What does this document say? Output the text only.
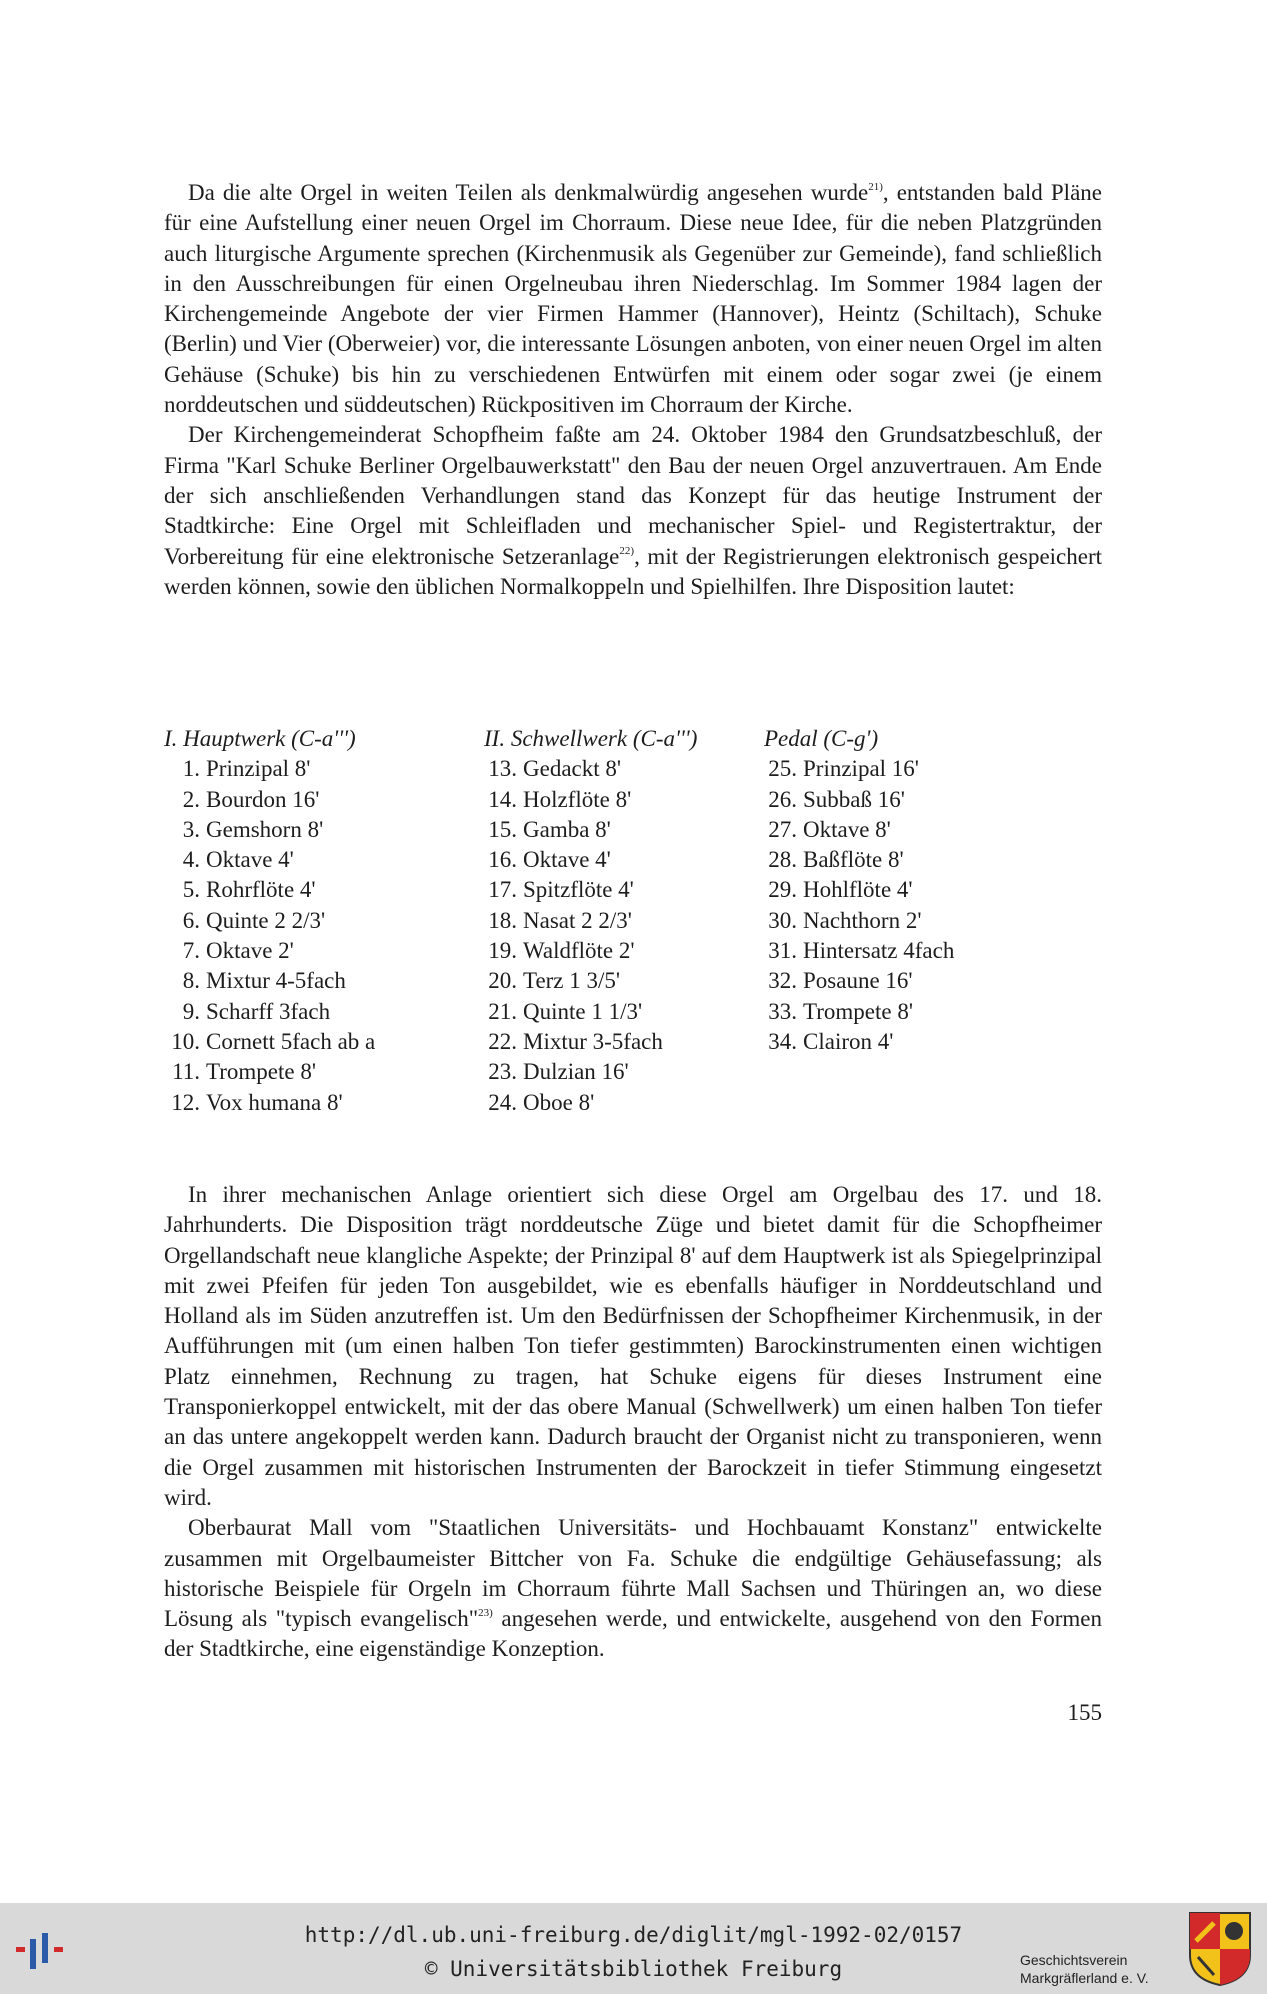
Da die alte Orgel in weiten Teilen als denkmalwürdig angesehen wurde$^{21)}$, entstanden bald Pläne für eine Aufstellung einer neuen Orgel im Chorraum. Diese neue Idee, für die neben Platzgründen auch liturgische Argumente sprechen (Kirchenmusik als Gegenüber zur Gemeinde), fand schließlich in den Ausschreibungen für einen Orgelneubau ihren Niederschlag. Im Sommer 1984 lagen der Kirchengemeinde Angebote der vier Firmen Hammer (Hannover), Heintz (Schiltach), Schuke (Berlin) und Vier (Oberweier) vor, die interessante Lösungen anboten, von einer neuen Orgel im alten Gehäuse (Schuke) bis hin zu verschiedenen Entwürfen mit einem oder sogar zwei (je einem norddeutschen und süddeutschen) Rückpositiven im Chorraum der Kirche.

Der Kirchengemeinderat Schopfheim faßte am 24. Oktober 1984 den Grundsatzbeschluß, der Firma "Karl Schuke Berliner Orgelbauwerkstatt" den Bau der neuen Orgel anzuvertrauen. Am Ende der sich anschließenden Verhandlungen stand das Konzept für das heutige Instrument der Stadtkirche: Eine Orgel mit Schleifladen und mechanischer Spiel- und Registertraktur, der Vorbereitung für eine elektronische Setzeranlage$^{22)}$, mit der Registrierungen elektronisch gespeichert werden können, sowie den üblichen Normalkoppeln und Spielhilfen. Ihre Disposition lautet:

I. Hauptwerk (C-a''')
1. Prinzipal 8'
2. Bourdon 16'
3. Gemshorn 8'
4. Oktave 4'
5. Rohrflöte 4'
6. Quinte 2 2/3'
7. Oktave 2'
8. Mixtur 4-5fach
9. Scharff 3fach
10. Cornett 5fach ab a
11. Trompete 8'
12. Vox humana 8'
II. Schwellwerk (C-a''')
13. Gedackt 8'
14. Holzflöte 8'
15. Gamba 8'
16. Oktave 4'
17. Spitzflöte 4'
18. Nasat 2 2/3'
19. Waldflöte 2'
20. Terz 1 3/5'
21. Quinte 1 1/3'
22. Mixtur 3-5fach
23. Dulzian 16'
24. Oboe 8'
Pedal (C-g')
25. Prinzipal 16'
26. Subbaß 16'
27. Oktave 8'
28. Baßflöte 8'
29. Hohlflöte 4'
30. Nachthorn 2'
31. Hintersatz 4fach
32. Posaune 16'
33. Trompete 8'
34. Clairon 4'

In ihrer mechanischen Anlage orientiert sich diese Orgel am Orgelbau des 17. und 18. Jahrhunderts. Die Disposition trägt norddeutsche Züge und bietet damit für die Schopfheimer Orgellandschaft neue klangliche Aspekte; der Prinzipal 8' auf dem Hauptwerk ist als Spiegelprinzipal mit zwei Pfeifen für jeden Ton ausgebildet, wie es ebenfalls häufiger in Norddeutschland und Holland als im Süden anzutreffen ist. Um den Bedürfnissen der Schopfheimer Kirchenmusik, in der Aufführungen mit (um einen halben Ton tiefer gestimmten) Barockinstrumenten einen wichtigen Platz einnehmen, Rechnung zu tragen, hat Schuke eigens für dieses Instrument eine Transponierkoppel entwickelt, mit der das obere Manual (Schwellwerk) um einen halben Ton tiefer an das untere angekoppelt werden kann. Dadurch braucht der Organist nicht zu transponieren, wenn die Orgel zusammen mit historischen Instrumenten der Barockzeit in tiefer Stimmung eingesetzt wird.

Oberbaurat Mall vom "Staatlichen Universitäts- und Hochbauamt Konstanz" entwickelte zusammen mit Orgelbaumeister Bittcher von Fa. Schuke die endgültige Gehäusefassung; als historische Beispiele für Orgeln im Chorraum führte Mall Sachsen und Thüringen an, wo diese Lösung als "typisch evangelisch"$^{23)}$ angesehen werde, und entwickelte, ausgehend von den Formen der Stadtkirche, eine eigenständige Konzeption.

155
http://dl.ub.uni-freiburg.de/diglit/mgl-1992-02/0157
© Universitätsbibliothek Freiburg	Geschichtsverein
Markgräflerland e. V.
